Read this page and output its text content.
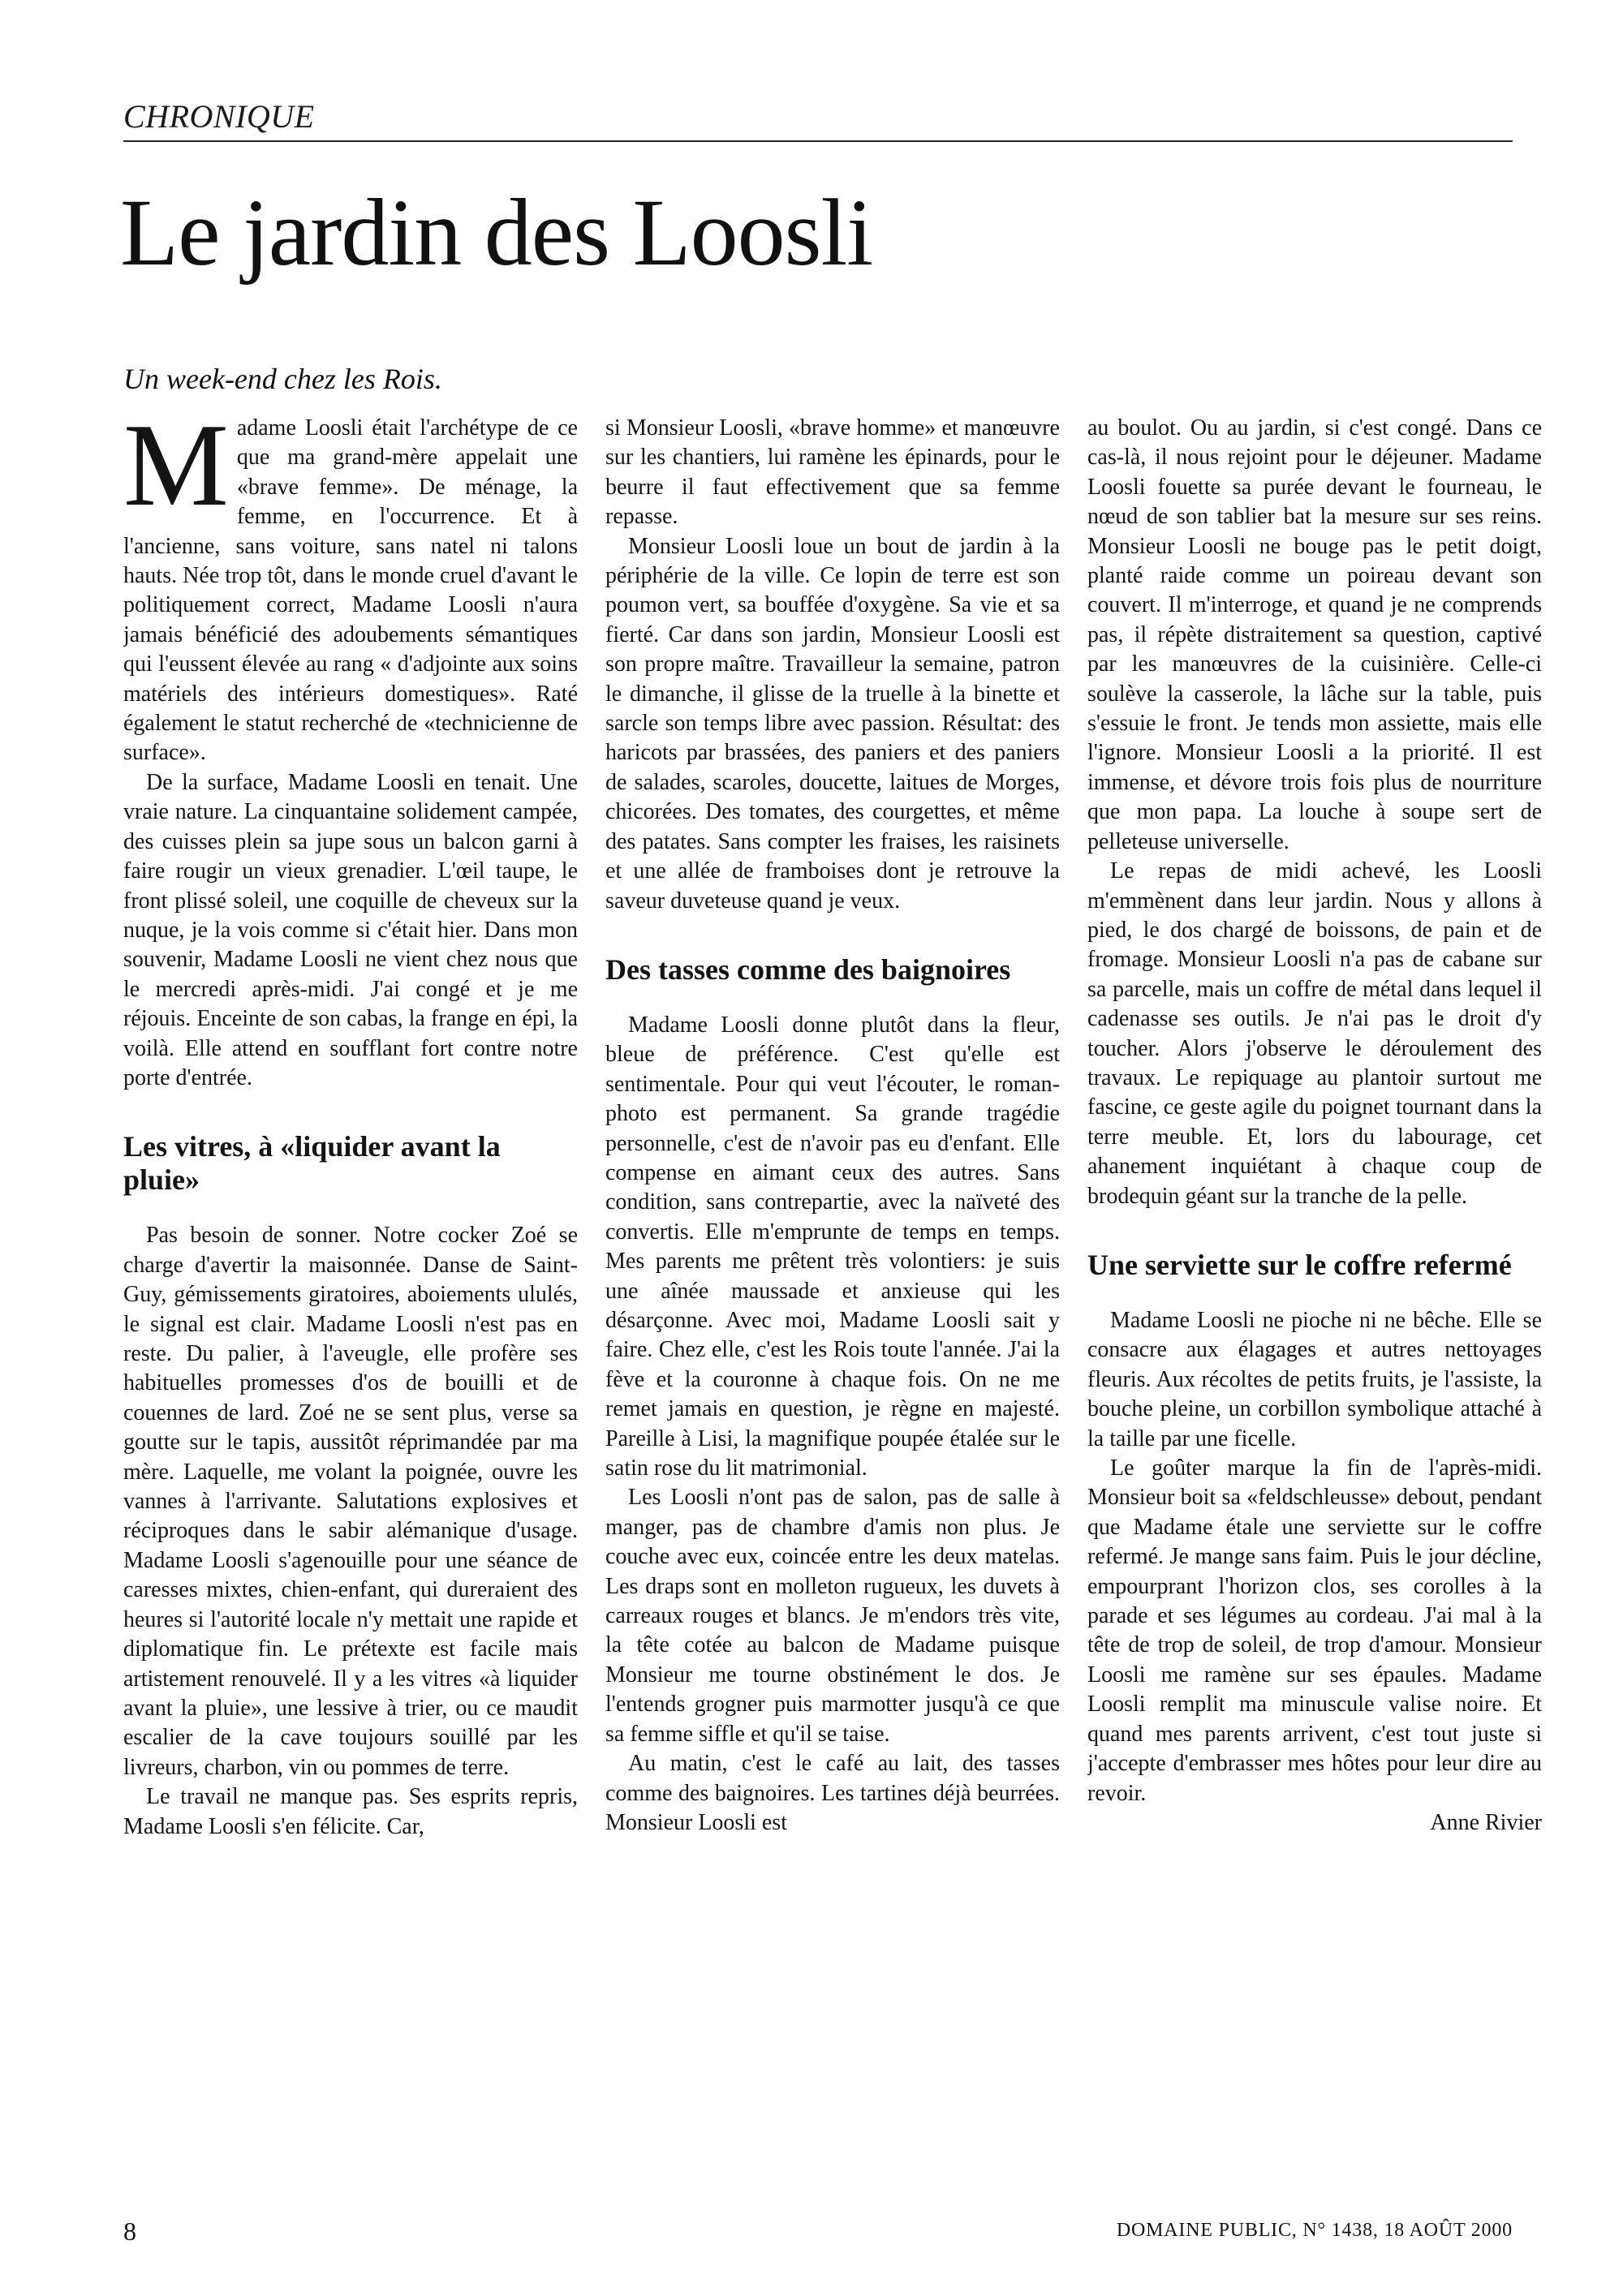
CHRONIQUE
Le jardin des Loosli
Un week-end chez les Rois.

Madame Loosli était l'archétype de ce que ma grand-mère appelait une «brave femme». De ménage, la femme, en l'occurrence. Et à l'ancienne, sans voiture, sans natel ni talons hauts. Née trop tôt, dans le monde cruel d'avant le politiquement correct, Madame Loosli n'aura jamais bénéficié des adoubements sémantiques qui l'eussent élevée au rang « d'adjointe aux soins matériels des intérieurs domestiques». Raté également le statut recherché de «technicienne de surface».

De la surface, Madame Loosli en tenait. Une vraie nature. La cinquantaine solidement campée, des cuisses plein sa jupe sous un balcon garni à faire rougir un vieux grenadier. L'œil taupe, le front plissé soleil, une coquille de cheveux sur la nuque, je la vois comme si c'était hier. Dans mon souvenir, Madame Loosli ne vient chez nous que le mercredi après-midi. J'ai congé et je me réjouis. Enceinte de son cabas, la frange en épi, la voilà. Elle attend en soufflant fort contre notre porte d'entrée.

Les vitres, à «liquider avant la pluie»

Pas besoin de sonner. Notre cocker Zoé se charge d'avertir la maisonnée. Danse de Saint-Guy, gémissements giratoires, aboiements ululés, le signal est clair. Madame Loosli n'est pas en reste. Du palier, à l'aveugle, elle profère ses habituelles promesses d'os de bouilli et de couennes de lard. Zoé ne se sent plus, verse sa goutte sur le tapis, aussitôt réprimandée par ma mère. Laquelle, me volant la poignée, ouvre les vannes à l'arrivante. Salutations explosives et réciproques dans le sabir alémanique d'usage. Madame Loosli s'agenouille pour une séance de caresses mixtes, chien-enfant, qui dureraient des heures si l'autorité locale n'y mettait une rapide et diplomatique fin. Le prétexte est facile mais artistement renouvelé. Il y a les vitres «à liquider avant la pluie», une lessive à trier, ou ce maudit escalier de la cave toujours souillé par les livreurs, charbon, vin ou pommes de terre.

Le travail ne manque pas. Ses esprits repris, Madame Loosli s'en félicite. Car,

si Monsieur Loosli, «brave homme» et manœuvre sur les chantiers, lui ramène les épinards, pour le beurre il faut effectivement que sa femme repasse.

Monsieur Loosli loue un bout de jardin à la périphérie de la ville. Ce lopin de terre est son poumon vert, sa bouffée d'oxygène. Sa vie et sa fierté. Car dans son jardin, Monsieur Loosli est son propre maître. Travailleur la semaine, patron le dimanche, il glisse de la truelle à la binette et sarcle son temps libre avec passion. Résultat: des haricots par brassées, des paniers et des paniers de salades, scaroles, doucette, laitues de Morges, chicorées. Des tomates, des courgettes, et même des patates. Sans compter les fraises, les raisinets et une allée de framboises dont je retrouve la saveur duveteuse quand je veux.

Des tasses comme des baignoires

Madame Loosli donne plutôt dans la fleur, bleue de préférence. C'est qu'elle est sentimentale. Pour qui veut l'écouter, le roman-photo est permanent. Sa grande tragédie personnelle, c'est de n'avoir pas eu d'enfant. Elle compense en aimant ceux des autres. Sans condition, sans contrepartie, avec la naïveté des convertis. Elle m'emprunte de temps en temps. Mes parents me prêtent très volontiers: je suis une aînée maussade et anxieuse qui les désarçonne. Avec moi, Madame Loosli sait y faire. Chez elle, c'est les Rois toute l'année. J'ai la fève et la couronne à chaque fois. On ne me remet jamais en question, je règne en majesté. Pareille à Lisi, la magnifique poupée étalée sur le satin rose du lit matrimonial.

Les Loosli n'ont pas de salon, pas de salle à manger, pas de chambre d'amis non plus. Je couche avec eux, coincée entre les deux matelas. Les draps sont en molleton rugueux, les duvets à carreaux rouges et blancs. Je m'endors très vite, la tête cotée au balcon de Madame puisque Monsieur me tourne obstinément le dos. Je l'entends grogner puis marmotter jusqu'à ce que sa femme siffle et qu'il se taise.

Au matin, c'est le café au lait, des tasses comme des baignoires. Les tartines déjà beurrées. Monsieur Loosli est

au boulot. Ou au jardin, si c'est congé. Dans ce cas-là, il nous rejoint pour le déjeuner. Madame Loosli fouette sa purée devant le fourneau, le nœud de son tablier bat la mesure sur ses reins. Monsieur Loosli ne bouge pas le petit doigt, planté raide comme un poireau devant son couvert. Il m'interroge, et quand je ne comprends pas, il répète distraitement sa question, captivé par les manœuvres de la cuisinière. Celle-ci soulève la casserole, la lâche sur la table, puis s'essuie le front. Je tends mon assiette, mais elle l'ignore. Monsieur Loosli a la priorité. Il est immense, et dévore trois fois plus de nourriture que mon papa. La louche à soupe sert de pelleteuse universelle.

Le repas de midi achevé, les Loosli m'emmènent dans leur jardin. Nous y allons à pied, le dos chargé de boissons, de pain et de fromage. Monsieur Loosli n'a pas de cabane sur sa parcelle, mais un coffre de métal dans lequel il cadenasse ses outils. Je n'ai pas le droit d'y toucher. Alors j'observe le déroulement des travaux. Le repiquage au plantoir surtout me fascine, ce geste agile du poignet tournant dans la terre meuble. Et, lors du labourage, cet ahanement inquiétant à chaque coup de brodequin géant sur la tranche de la pelle.

Une serviette sur le coffre refermé

Madame Loosli ne pioche ni ne bêche. Elle se consacre aux élagages et autres nettoyages fleuris. Aux récoltes de petits fruits, je l'assiste, la bouche pleine, un corbillon symbolique attaché à la taille par une ficelle.

Le goûter marque la fin de l'après-midi. Monsieur boit sa «feldschleusse» debout, pendant que Madame étale une serviette sur le coffre refermé. Je mange sans faim. Puis le jour décline, empourprant l'horizon clos, ses corolles à la parade et ses légumes au cordeau. J'ai mal à la tête de trop de soleil, de trop d'amour. Monsieur Loosli me ramène sur ses épaules. Madame Loosli remplit ma minuscule valise noire. Et quand mes parents arrivent, c'est tout juste si j'accepte d'embrasser mes hôtes pour leur dire au revoir.

Anne Rivier

8	DOMAINE PUBLIC, N° 1438, 18 AOÛT 2000
